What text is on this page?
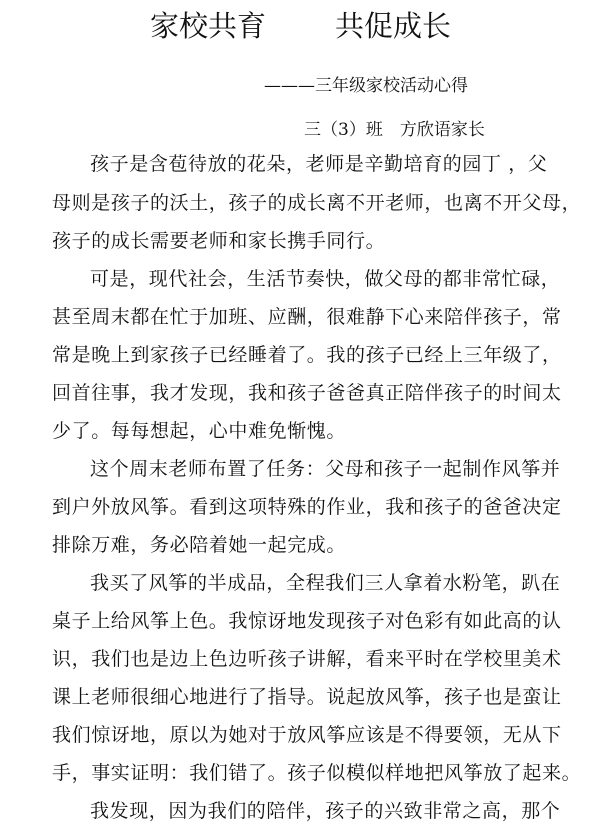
家校共育 共促成长
———三年级家校活动心得
三（3）班　方欣语家长
孩子是含苞待放的花朵，老师是辛勤培育的园丁 ，父
母则是孩子的沃土，孩子的成长离不开老师，也离不开父母，
孩子的成长需要老师和家长携手同行。
可是，现代社会，生活节奏快，做父母的都非常忙碌，
甚至周末都在忙于加班、应酬，很难静下心来陪伴孩子，常
常是晚上到家孩子已经睡着了。我的孩子已经上三年级了，
回首往事，我才发现，我和孩子爸爸真正陪伴孩子的时间太
少了。每每想起，心中难免惭愧。
这个周末老师布置了任务：父母和孩子一起制作风筝并
到户外放风筝。看到这项特殊的作业，我和孩子的爸爸决定
排除万难，务必陪着她一起完成。
我买了风筝的半成品，全程我们三人拿着水粉笔，趴在
桌子上给风筝上色。我惊讶地发现孩子对色彩有如此高的认
识，我们也是边上色边听孩子讲解，看来平时在学校里美术
课上老师很细心地进行了指导。说起放风筝，孩子也是蛮让
我们惊讶地，原以为她对于放风筝应该是不得要领，无从下
手，事实证明：我们错了。孩子似模似样地把风筝放了起来。
我发现，因为我们的陪伴，孩子的兴致非常之高，那个
